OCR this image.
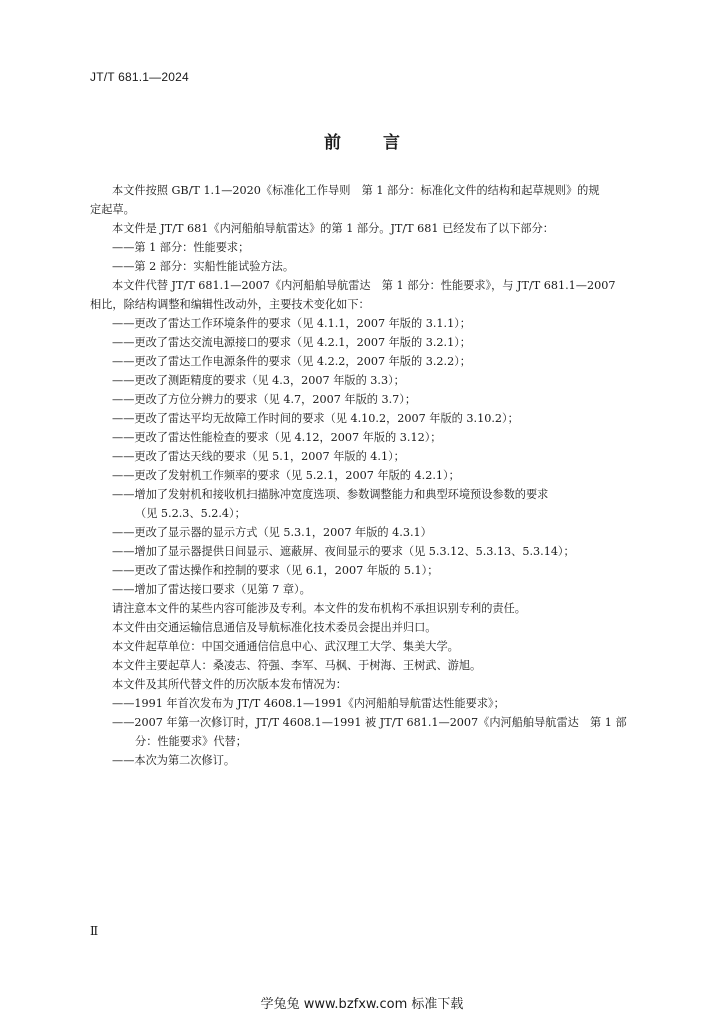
JT/T 681.1—2024
前言
本文件按照 GB/T 1.1—2020《标准化工作导则　第 1 部分：标准化文件的结构和起草规则》的规
定起草。
本文件是 JT/T 681《内河船舶导航雷达》的第 1 部分。JT/T 681 已经发布了以下部分：
——第 1 部分：性能要求；
——第 2 部分：实船性能试验方法。
本文件代替 JT/T 681.1—2007《内河船舶导航雷达　第 1 部分：性能要求》，与 JT/T 681.1—2007
相比，除结构调整和编辑性改动外，主要技术变化如下：
——更改了雷达工作环境条件的要求（见 4.1.1，2007 年版的 3.1.1）；
——更改了雷达交流电源接口的要求（见 4.2.1，2007 年版的 3.2.1）；
——更改了雷达工作电源条件的要求（见 4.2.2，2007 年版的 3.2.2）；
——更改了测距精度的要求（见 4.3，2007 年版的 3.3）；
——更改了方位分辨力的要求（见 4.7，2007 年版的 3.7）；
——更改了雷达平均无故障工作时间的要求（见 4.10.2，2007 年版的 3.10.2）；
——更改了雷达性能检查的要求（见 4.12，2007 年版的 3.12）；
——更改了雷达天线的要求（见 5.1，2007 年版的 4.1）；
——更改了发射机工作频率的要求（见 5.2.1，2007 年版的 4.2.1）；
——增加了发射机和接收机扫描脉冲宽度选项、参数调整能力和典型环境预设参数的要求
（见 5.2.3、5.2.4）；
——更改了显示器的显示方式（见 5.3.1，2007 年版的 4.3.1）
——增加了显示器提供日间显示、遮蔽屏、夜间显示的要求（见 5.3.12、5.3.13、5.3.14）；
——更改了雷达操作和控制的要求（见 6.1，2007 年版的 5.1）；
——增加了雷达接口要求（见第 7 章）。
请注意本文件的某些内容可能涉及专利。本文件的发布机构不承担识别专利的责任。
本文件由交通运输信息通信及导航标准化技术委员会提出并归口。
本文件起草单位：中国交通通信信息中心、武汉理工大学、集美大学。
本文件主要起草人：桑凌志、符强、李军、马枫、于树海、王树武、游旭。
本文件及其所代替文件的历次版本发布情况为：
——1991 年首次发布为 JT/T 4608.1—1991《内河船舶导航雷达性能要求》；
——2007 年第一次修订时，JT/T 4608.1—1991 被 JT/T 681.1—2007《内河船舶导航雷达　第 1 部
分：性能要求》代替；
——本次为第二次修订。
Ⅱ
学兔兔 www.bzfxw.com 标准下载
